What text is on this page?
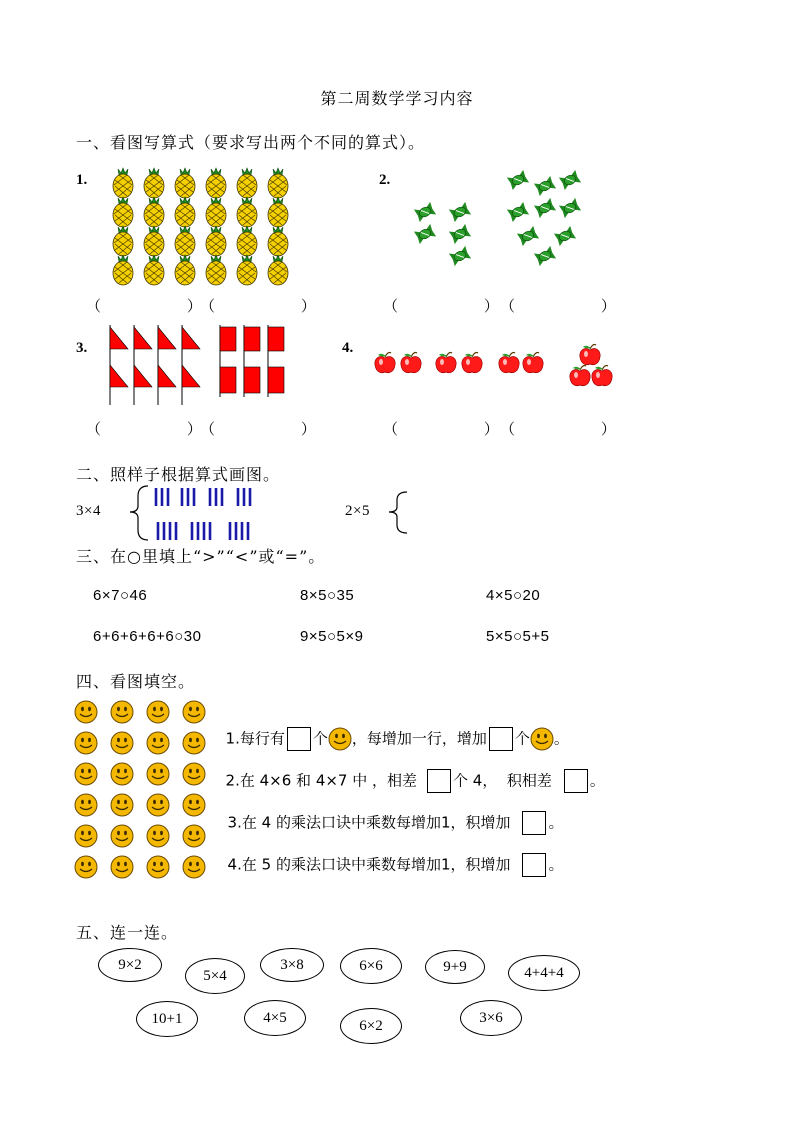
第二周数学学习内容
一、看图写算式（要求写出两个不同的算式）。
1.	2.
（                  ）
（                  ）	（                  ） （                  ）
3.	4.
（                  ）
（                  ）	（                  ） （                  ）
二、照样子根据算式画图。
3×4	2×5
三、在○里填上“>”“<”或“=”。
6×7○46	8×5○35	4×5○20
6+6+6+6+6○30	9×5○5×9	5×5○5+5
四、看图填空。

1.每行有 个 ，每增加一行，增加 个 。

2.在 4×6 和 4×7 中 ，相差 个 4，  积相差	。

3.在 4 的乘法口诀中乘数每增加1，积增加	。

4.在 5 的乘法口诀中乘数每增加1，积增加	。

五、连一连。
9×2
5×4
3×8	6×6	9+9	4+4+4
10+1	4×5	6×2	3×6
